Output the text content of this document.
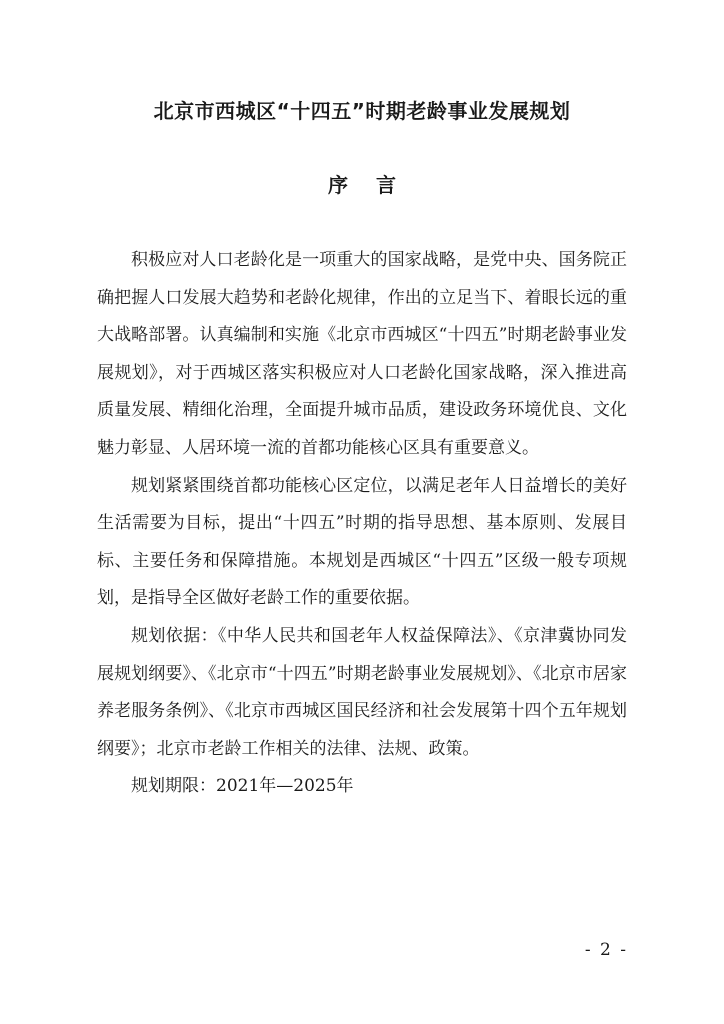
北京市西城区“十四五”时期老龄事业发展规划
序言

积极应对人口老龄化是一项重大的国家战略，是党中央、国务院正确把握人口发展大趋势和老龄化规律，作出的立足当下、着眼长远的重大战略部署。认真编制和实施《北京市西城区“十四五”时期老龄事业发展规划》，对于西城区落实积极应对人口老龄化国家战略，深入推进高质量发展、精细化治理，全面提升城市品质，建设政务环境优良、文化魅力彰显、人居环境一流的首都功能核心区具有重要意义。

规划紧紧围绕首都功能核心区定位，以满足老年人日益增长的美好生活需要为目标，提出“十四五”时期的指导思想、基本原则、发展目标、主要任务和保障措施。本规划是西城区“十四五”区级一般专项规划，是指导全区做好老龄工作的重要依据。

规划依据：《中华人民共和国老年人权益保障法》、《京津冀协同发展规划纲要》、《北京市“十四五”时期老龄事业发展规划》、《北京市居家养老服务条例》、《北京市西城区国民经济和社会发展第十四个五年规划纲要》；北京市老龄工作相关的法律、法规、政策。

规划期限：2021年—2025年

- 2 -
